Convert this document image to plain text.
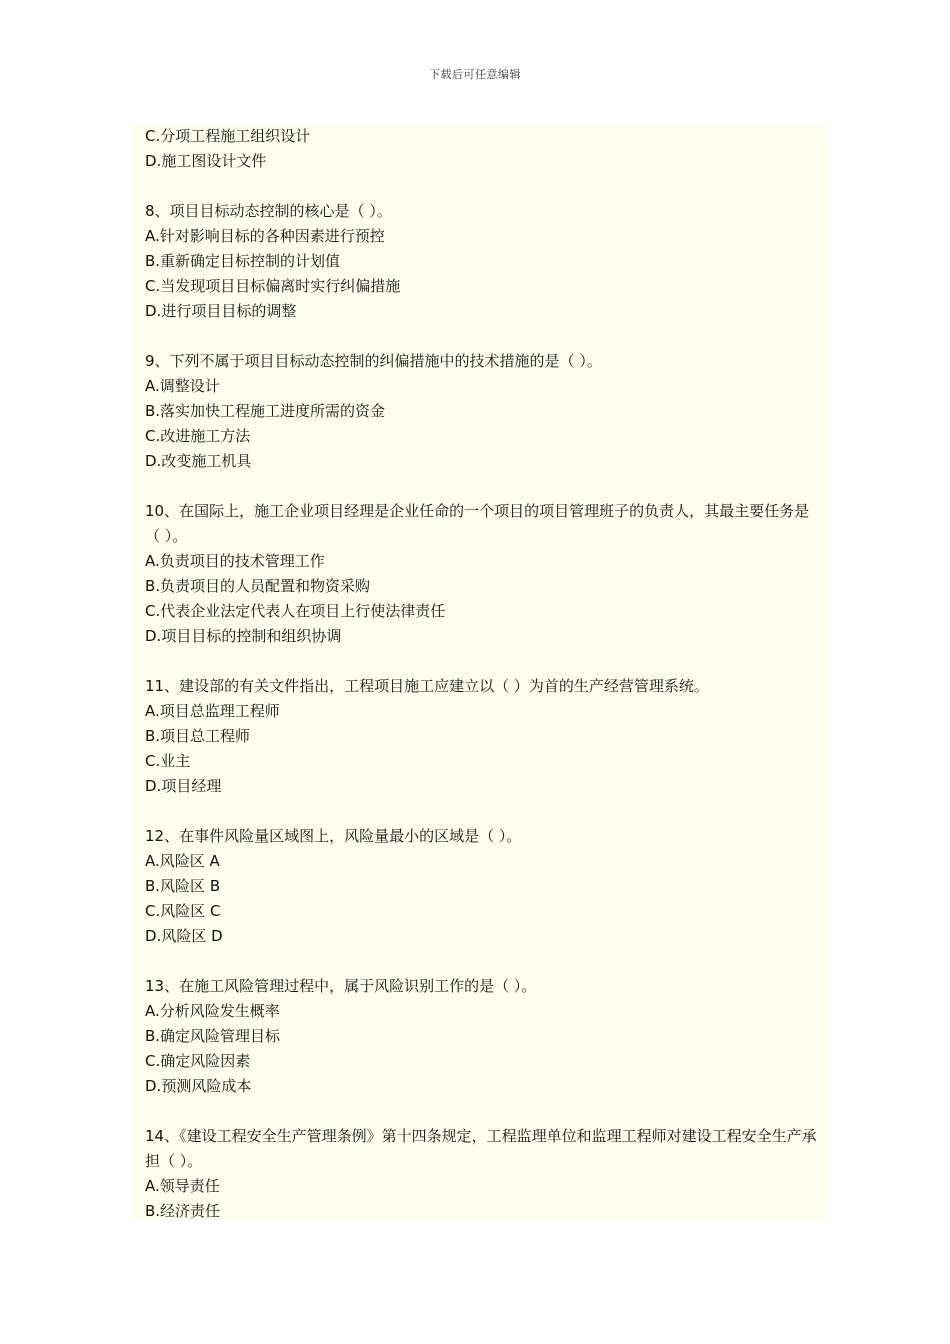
下载后可任意编辑
C.分项工程施工组织设计
D.施工图设计文件
8、项目目标动态控制的核心是（ ）。
A.针对影响目标的各种因素进行预控
B.重新确定目标控制的计划值
C.当发现项目目标偏离时实行纠偏措施
D.进行项目目标的调整
9、下列不属于项目目标动态控制的纠偏措施中的技术措施的是（ ）。
A.调整设计
B.落实加快工程施工进度所需的资金
C.改进施工方法
D.改变施工机具
10、在国际上，施工企业项目经理是企业任命的一个项目的项目管理班子的负责人，其最主要任务是（ ）。
A.负责项目的技术管理工作
B.负责项目的人员配置和物资采购
C.代表企业法定代表人在项目上行使法律责任
D.项目目标的控制和组织协调
11、建设部的有关文件指出，工程项目施工应建立以（ ）为首的生产经营管理系统。
A.项目总监理工程师
B.项目总工程师
C.业主
D.项目经理
12、在事件风险量区域图上，风险量最小的区域是（ ）。
A.风险区 A
B.风险区 B
C.风险区 C
D.风险区 D
13、在施工风险管理过程中，属于风险识别工作的是（ ）。
A.分析风险发生概率
B.确定风险管理目标
C.确定风险因素
D.预测风险成本
14、《建设工程安全生产管理条例》第十四条规定，工程监理单位和监理工程师对建设工程安全生产承担（ ）。
A.领导责任
B.经济责任
